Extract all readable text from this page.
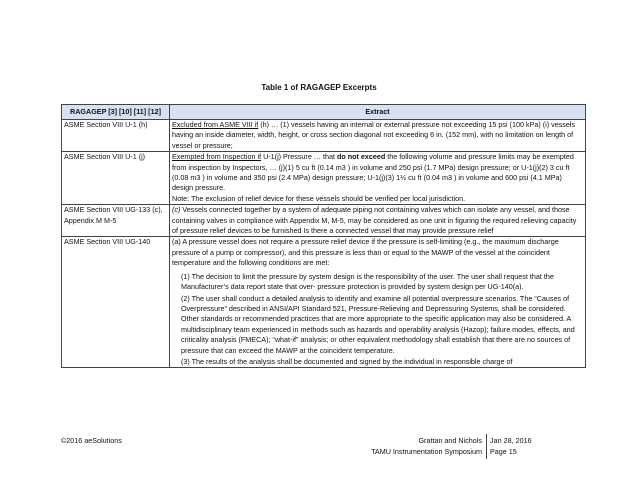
Table 1 of RAGAGEP Excerpts
RAGAGEP [3] [10] [11] [12]	Extract
ASME Section VIII U-1 (h)	Excluded from ASME VIII if (h) … (1) vessels having an internal or external pressure not exceeding 15 psi (100 kPa) (i) vessels having an inside diameter, width, height, or cross section diagonal not exceeding 6 in. (152 mm), with no limitation on length of vessel or pressure;
ASME Section VIII U-1 (j)	Exempted from Inspection if U-1(j) Pressure … that do not exceed the following volume and pressure limits may be exempted from inspection by Inspectors, … (j)(1) 5 cu ft (0.14 m3 ) in volume and 250 psi (1.7 MPa) design pressure; or U-1(j)(2) 3 cu ft (0.08 m3 ) in volume and 350 psi (2.4 MPa) design pressure; U-1(j)(3) 1½ cu ft (0.04 m3 ) in volume and 600 psi (4.1 MPa) design pressure.
Note: The exclusion of relief device for these vessels should be verified per local jurisdiction.
ASME Section VIII UG-133 (c),
Appendix M M-5	(c) Vessels connected together by a system of adequate piping not containing valves which can isolate any vessel, and those containing valves in compliance with Appendix M, M-5, may be considered as one unit in figuring the required relieving capacity of pressure relief devices to be furnished Is there a connected vessel that may provide pressure relief
ASME Section VIII UG-140	(a) A pressure vessel does not require a pressure relief device if the pressure is self-limiting (e.g., the maximum discharge pressure of a pump or compressor), and this pressure is less than or equal to the MAWP of the vessel at the coincident temperature and the following conditions are met:
(1) The decision to limit the pressure by system design is the responsibility of the user. The user shall request that the Manufacturer’s data report state that over- pressure protection is provided by system design per UG-140(a).
(2) The user shall conduct a detailed analysis to identify and examine all potential overpressure scenarios. The “Causes of Overpressure” described in ANSI/API Standard 521, Pressure-Relieving and Depressuring Systems, shall be considered. Other standards or recommended practices that are more appropriate to the specific application may also be considered. A multidisciplinary team experienced in methods such as hazards and operability analysis (Hazop); failure modes, effects, and criticality analysis (FMECA); “what-if” analysis; or other equivalent methodology shall establish that there are no sources of pressure that can exceed the MAWP at the coincident temperature.
(3) The results of the analysis shall be documented and signed by the individual in responsible charge of
©2016 aeSolutions	Grattan and Nichols
TAMU Instrumentation Symposium
Jan 28, 2016
Page 15
